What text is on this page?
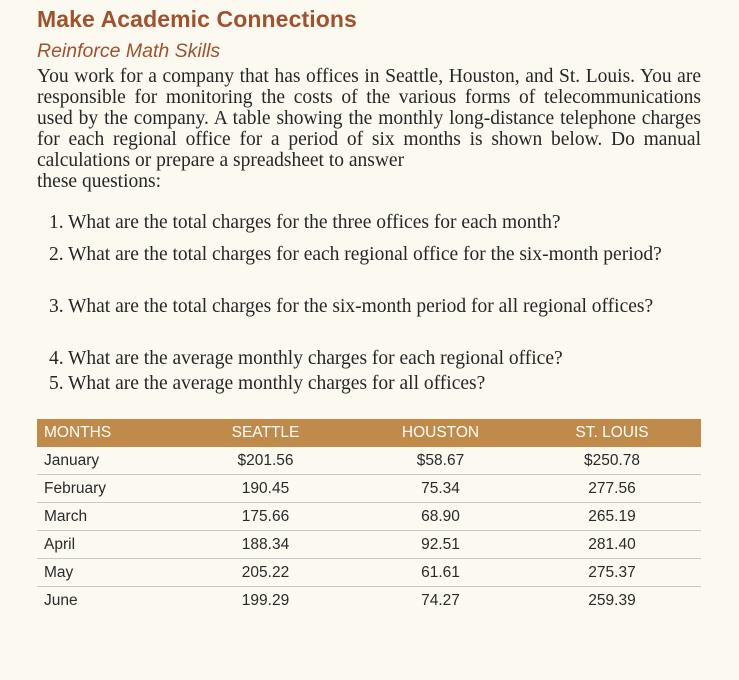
Make Academic Connections
Reinforce Math Skills

You work for a company that has offices in Seattle, Houston, and St. Louis. You are responsible for monitoring the costs of the various forms of telecommunications used by the company. A table showing the monthly long-distance telephone charges for each regional office for a period of six months is shown below. Do manual calculations or prepare a spreadsheet to answer
these questions:

1. What are the total charges for the three offices for each month?
2. What are the total charges for each regional office for the six-month period?
3. What are the total charges for the six-month period for all regional offices?
4. What are the average monthly charges for each regional office?
5. What are the average monthly charges for all offices?
MONTHS	SEATTLE	HOUSTON	ST. LOUIS
January	$201.56	$58.67	$250.78
February	190.45	75.34	277.56
March	175.66	68.90	265.19
April	188.34	92.51	281.40
May	205.22	61.61	275.37
June	199.29	74.27	259.39
